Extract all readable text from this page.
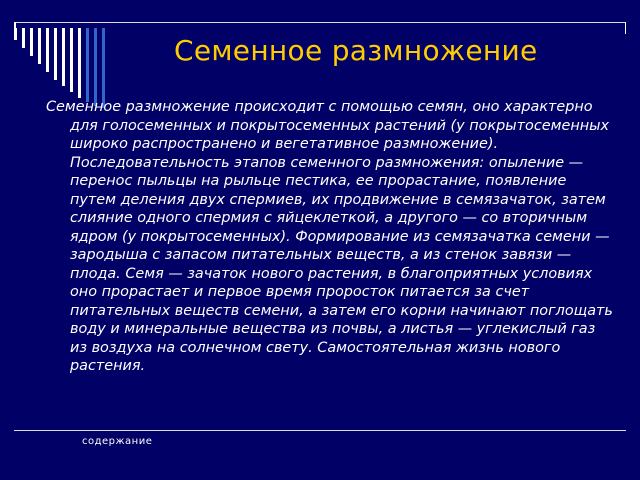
Семенное размножение

Семенное размножение происходит с помощью семян, оно характерно для голосеменных и покрытосеменных растений (у покрытосеменных широко распространено и вегетативное размножение). Последовательность этапов семенного размножения: опыление — перенос пыльцы на рыльце пестика, ее прорастание, появление путем деления двух спермиев, их продвижение в семязачаток, затем слияние одного спермия с яйцеклеткой, а другого — со вторичным ядром (у покрытосеменных). Формирование из семязачатка семени — зародыша с запасом питательных веществ, а из стенок завязи — плода. Семя — зачаток нового растения, в благоприятных условиях оно прорастает и первое время проросток питается за счет питательных веществ семени, а затем его корни начинают поглощать воду и минеральные вещества из почвы, а листья — углекислый газ из воздуха на солнечном свету. Самостоятельная жизнь нового растения.

содержание
